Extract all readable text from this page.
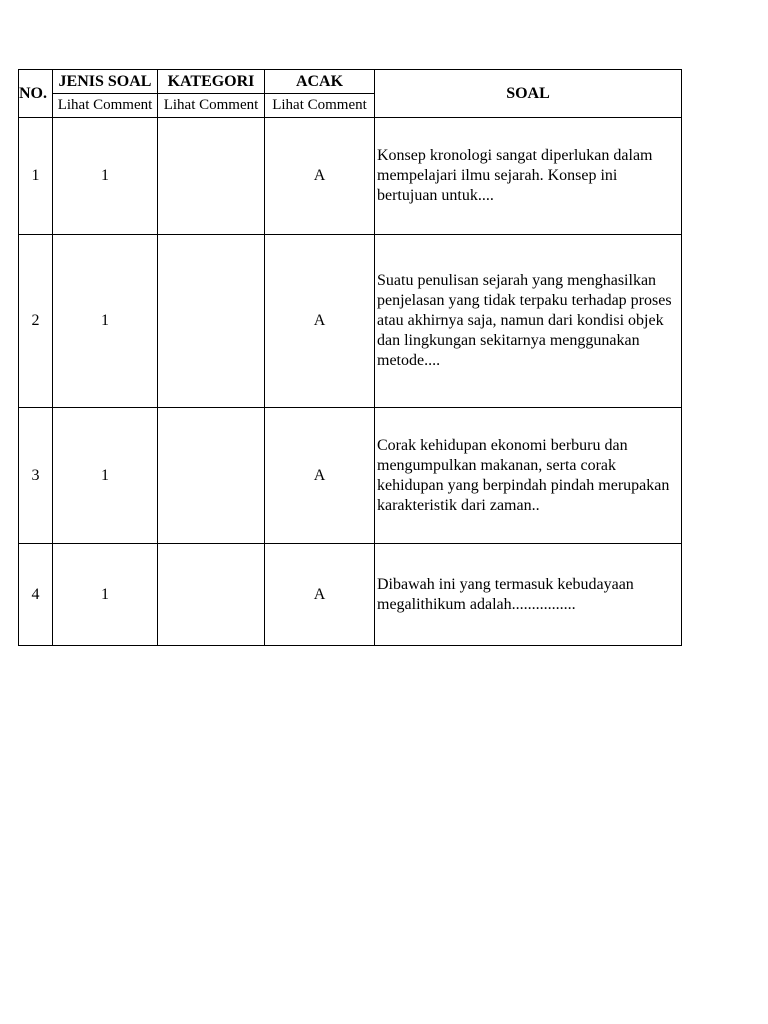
NO.	JENIS SOAL	KATEGORI	ACAK	SOAL
	Lihat Comment	Lihat Comment	Lihat Comment	
1	1		A	Konsep kronologi sangat diperlukan dalam mempelajari ilmu sejarah. Konsep ini bertujuan untuk....
2	1		A	Suatu penulisan sejarah yang menghasilkan penjelasan yang tidak terpaku terhadap proses atau akhirnya saja, namun dari kondisi objek dan lingkungan sekitarnya menggunakan metode....
3	1		A	Corak kehidupan ekonomi berburu dan mengumpulkan makanan, serta corak kehidupan yang berpindah pindah merupakan karakteristik dari zaman..
4	1		A	Dibawah ini yang termasuk kebudayaan megalithikum adalah................
